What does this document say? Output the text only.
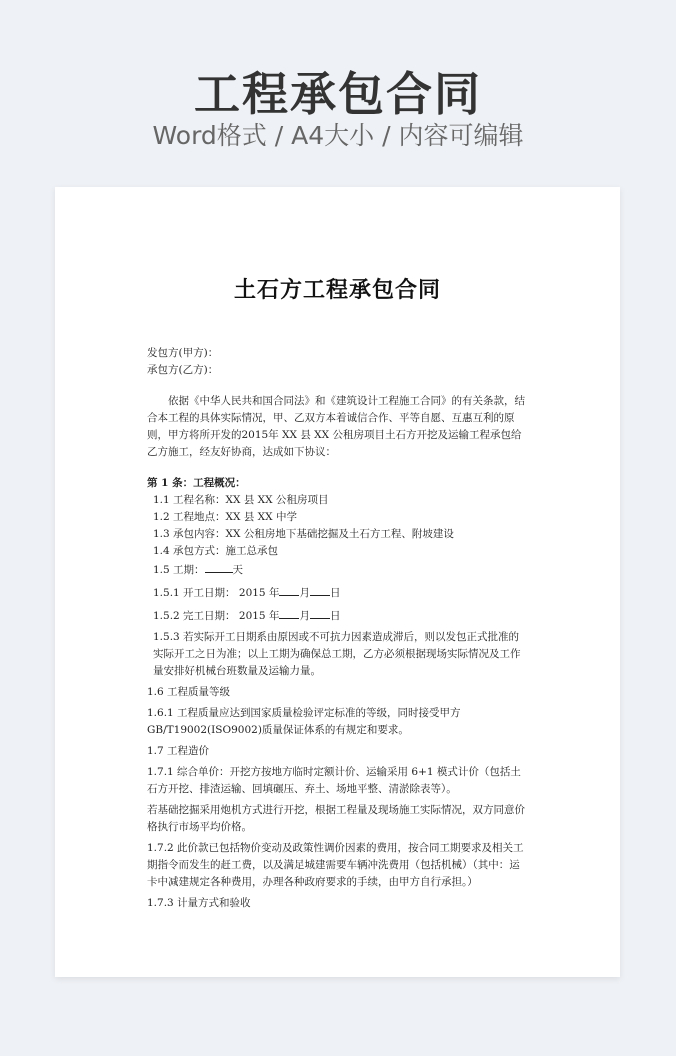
工程承包合同
Word格式 / A4大小 / 内容可编辑
土石方工程承包合同

发包方(甲方)：

承包方(乙方)：

依据《中华人民共和国合同法》和《建筑设计工程施工合同》的有关条款，结合本工程的具体实际情况，甲、乙双方本着诚信合作、平等自愿、互惠互利的原则，甲方将所开发的2015年 XX 县 XX 公租房项目土石方开挖及运输工程承包给乙方施工，经友好协商，达成如下协议：

第 1 条：工程概况：

1.1 工程名称：XX 县 XX 公租房项目

1.2 工程地点：XX 县 XX 中学

1.3 承包内容：XX 公租房地下基础挖掘及土石方工程、附坡建设

1.4 承包方式：施工总承包

1.5 工期：	天

1.5.1 开工日期： 2015 年 月 日

1.5.2 完工日期： 2015 年 月 日

1.5.3 若实际开工日期系由原因或不可抗力因素造成滞后，则以发包正式批准的实际开工之日为准；以上工期为确保总工期，乙方必须根据现场实际情况及工作量安排好机械台班数量及运输力量。

1.6 工程质量等级

1.6.1 工程质量应达到国家质量检验评定标准的等级，同时接受甲方GB/T19002(ISO9002)质量保证体系的有规定和要求。

1.7 工程造价

1.7.1 综合单价：开挖方按地方临时定额计价、运输采用 6+1 模式计价（包括土石方开挖、排渣运输、回填碾压、弃土、场地平整、清淤除表等）。

若基础挖掘采用炮机方式进行开挖，根据工程量及现场施工实际情况，双方同意价格执行市场平均价格。

1.7.2 此价款已包括物价变动及政策性调价因素的费用，按合同工期要求及相关工期指令而发生的赶工费，以及满足城建需要车辆冲洗费用（包括机械）（其中：运卡中减建规定各种费用，办理各种政府要求的手续，由甲方自行承担。）

1.7.3 计量方式和验收
